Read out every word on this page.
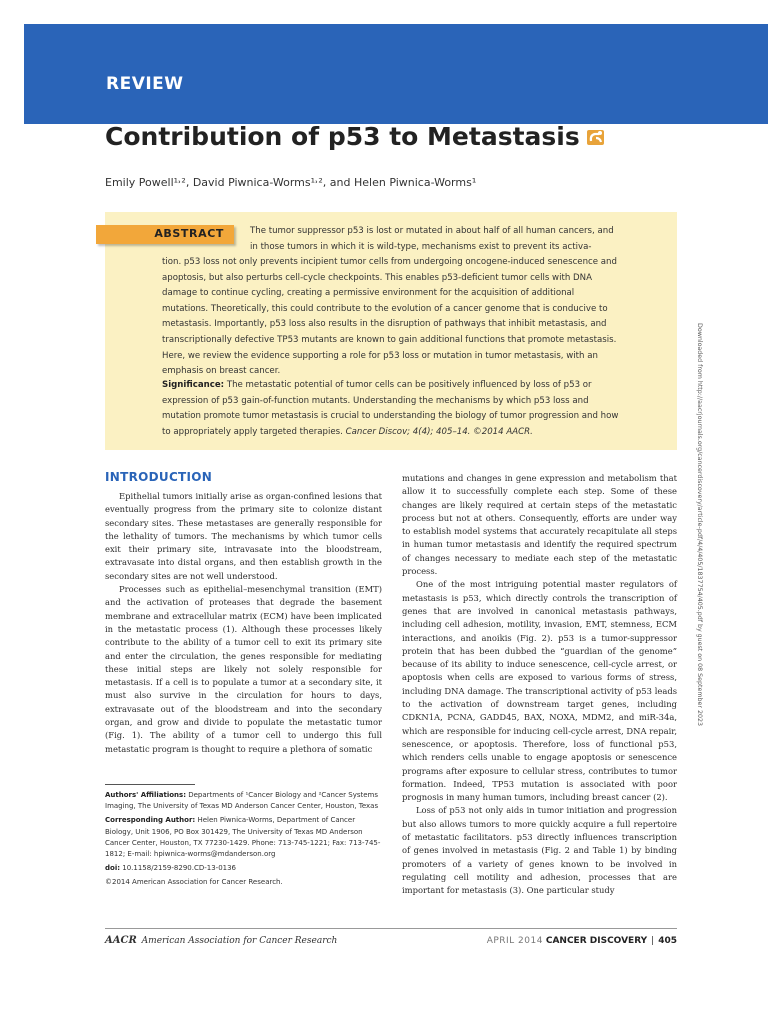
REVIEW
Contribution of p53 to Metastasis
Emily Powell¹˒², David Piwnica-Worms¹˒², and Helen Piwnica-Worms¹
ABSTRACT	The tumor suppressor p53 is lost or mutated in about half of all human cancers, and in those tumors in which it is wild-type, mechanisms exist to prevent its activa-
tion. p53 loss not only prevents incipient tumor cells from undergoing oncogene-induced senescence and apoptosis, but also perturbs cell-cycle checkpoints. This enables p53-deficient tumor cells with DNA damage to continue cycling, creating a permissive environment for the acquisition of additional mutations. Theoretically, this could contribute to the evolution of a cancer genome that is conducive to metastasis. Importantly, p53 loss also results in the disruption of pathways that inhibit metastasis, and transcriptionally defective TP53 mutants are known to gain additional functions that promote metastasis. Here, we review the evidence supporting a role for p53 loss or mutation in tumor metastasis, with an emphasis on breast cancer.
Significance: The metastatic potential of tumor cells can be positively influenced by loss of p53 or expression of p53 gain-of-function mutants. Understanding the mechanisms by which p53 loss and mutation promote tumor metastasis is crucial to understanding the biology of tumor progression and how to appropriately apply targeted therapies. Cancer Discov; 4(4); 405–14. ©2014 AACR.	Downloaded from http://aacrjournals.org/cancerdiscovery/article-pdf/4/4/405/1837754/405.pdf by guest on 08 September 2023
INTRODUCTION

Epithelial tumors initially arise as organ-confined lesions that eventually progress from the primary site to colonize distant secondary sites. These metastases are generally responsible for the lethality of tumors. The mechanisms by which tumor cells exit their primary site, intravasate into the bloodstream, extravasate into distal organs, and then establish growth in the secondary sites are not well understood.

Processes such as epithelial–mesenchymal transition (EMT) and the activation of proteases that degrade the basement membrane and extracellular matrix (ECM) have been implicated in the metastatic process (1). Although these processes likely contribute to the ability of a tumor cell to exit its primary site and enter the circulation, the genes responsible for mediating these initial steps are likely not solely responsible for metastasis. If a cell is to populate a tumor at a secondary site, it must also survive in the circulation for hours to days, extravasate out of the bloodstream and into the secondary organ, and grow and divide to populate the metastatic tumor (Fig. 1). The ability of a tumor cell to undergo this full metastatic program is thought to require a plethora of somatic

mutations and changes in gene expression and metabolism that allow it to successfully complete each step. Some of these changes are likely required at certain steps of the metastatic process but not at others. Consequently, efforts are under way to establish model systems that accurately recapitulate all steps in human tumor metastasis and identify the required spectrum of changes necessary to mediate each step of the metastatic process.

One of the most intriguing potential master regulators of metastasis is p53, which directly controls the transcription of genes that are involved in canonical metastasis pathways, including cell adhesion, motility, invasion, EMT, stemness, ECM interactions, and anoikis (Fig. 2). p53 is a tumor-suppressor protein that has been dubbed the “guardian of the genome” because of its ability to induce senescence, cell-cycle arrest, or apoptosis when cells are exposed to various forms of stress, including DNA damage. The transcriptional activity of p53 leads to the activation of downstream target genes, including CDKN1A, PCNA, GADD45, BAX, NOXA, MDM2, and miR-34a, which are responsible for inducing cell-cycle arrest, DNA repair, senescence, or apoptosis. Therefore, loss of functional p53, which renders cells unable to engage apoptosis or senescence programs after exposure to cellular stress, contributes to tumor formation. Indeed, TP53 mutation is associated with poor prognosis in many human tumors, including breast cancer (2).

Loss of p53 not only aids in tumor initiation and progression but also allows tumors to more quickly acquire a full repertoire of metastatic facilitators. p53 directly influences transcription of genes involved in metastasis (Fig. 2 and Table 1) by binding promoters of a variety of genes known to be involved in regulating cell motility and adhesion, processes that are important for metastasis (3). One particular study

Authors' Affiliations: Departments of ¹Cancer Biology and ²Cancer Systems Imaging, The University of Texas MD Anderson Cancer Center, Houston, Texas

Corresponding Author: Helen Piwnica-Worms, Department of Cancer Biology, Unit 1906, PO Box 301429, The University of Texas MD Anderson Cancer Center, Houston, TX 77230-1429. Phone: 713-745-1221; Fax: 713-745-1812; E-mail: hpiwnica-worms@mdanderson.org

doi: 10.1158/2159-8290.CD-13-0136

©2014 American Association for Cancer Research.

AACR American Association for Cancer Research	APRIL 2014 CANCER DISCOVERY | 405
